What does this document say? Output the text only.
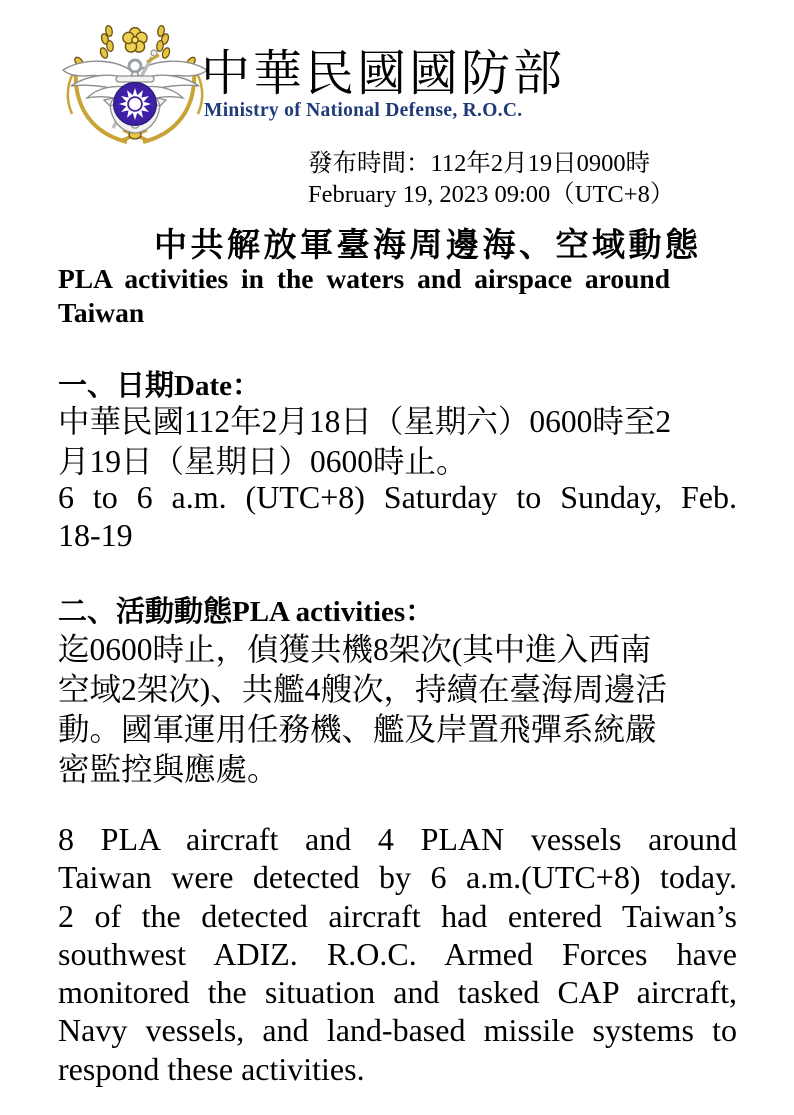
中華民國國防部
Ministry of National Defense, R.O.C.
發布時間：112年2月19日0900時
February 19, 2023 09:00（UTC+8）
中共解放軍臺海周邊海、空域動態
PLA activities in the waters and airspace around Taiwan
一、日期Date：
中華民國112年2月18日（星期六）0600時至2
月19日（星期日）0600時止。
6 to 6 a.m. (UTC+8) Saturday to Sunday, Feb.
18-19
二、活動動態PLA activities：
迄0600時止，偵獲共機8架次(其中進入西南
空域2架次)、共艦4艘次，持續在臺海周邊活
動。國軍運用任務機、艦及岸置飛彈系統嚴
密監控與應處。
8 PLA aircraft and 4 PLAN vessels around
Taiwan were detected by 6 a.m.(UTC+8) today.
2 of the detected aircraft had entered Taiwan’s
southwest ADIZ. R.O.C. Armed Forces have
monitored the situation and tasked CAP aircraft,
Navy vessels, and land-based missile systems to
respond these activities.
